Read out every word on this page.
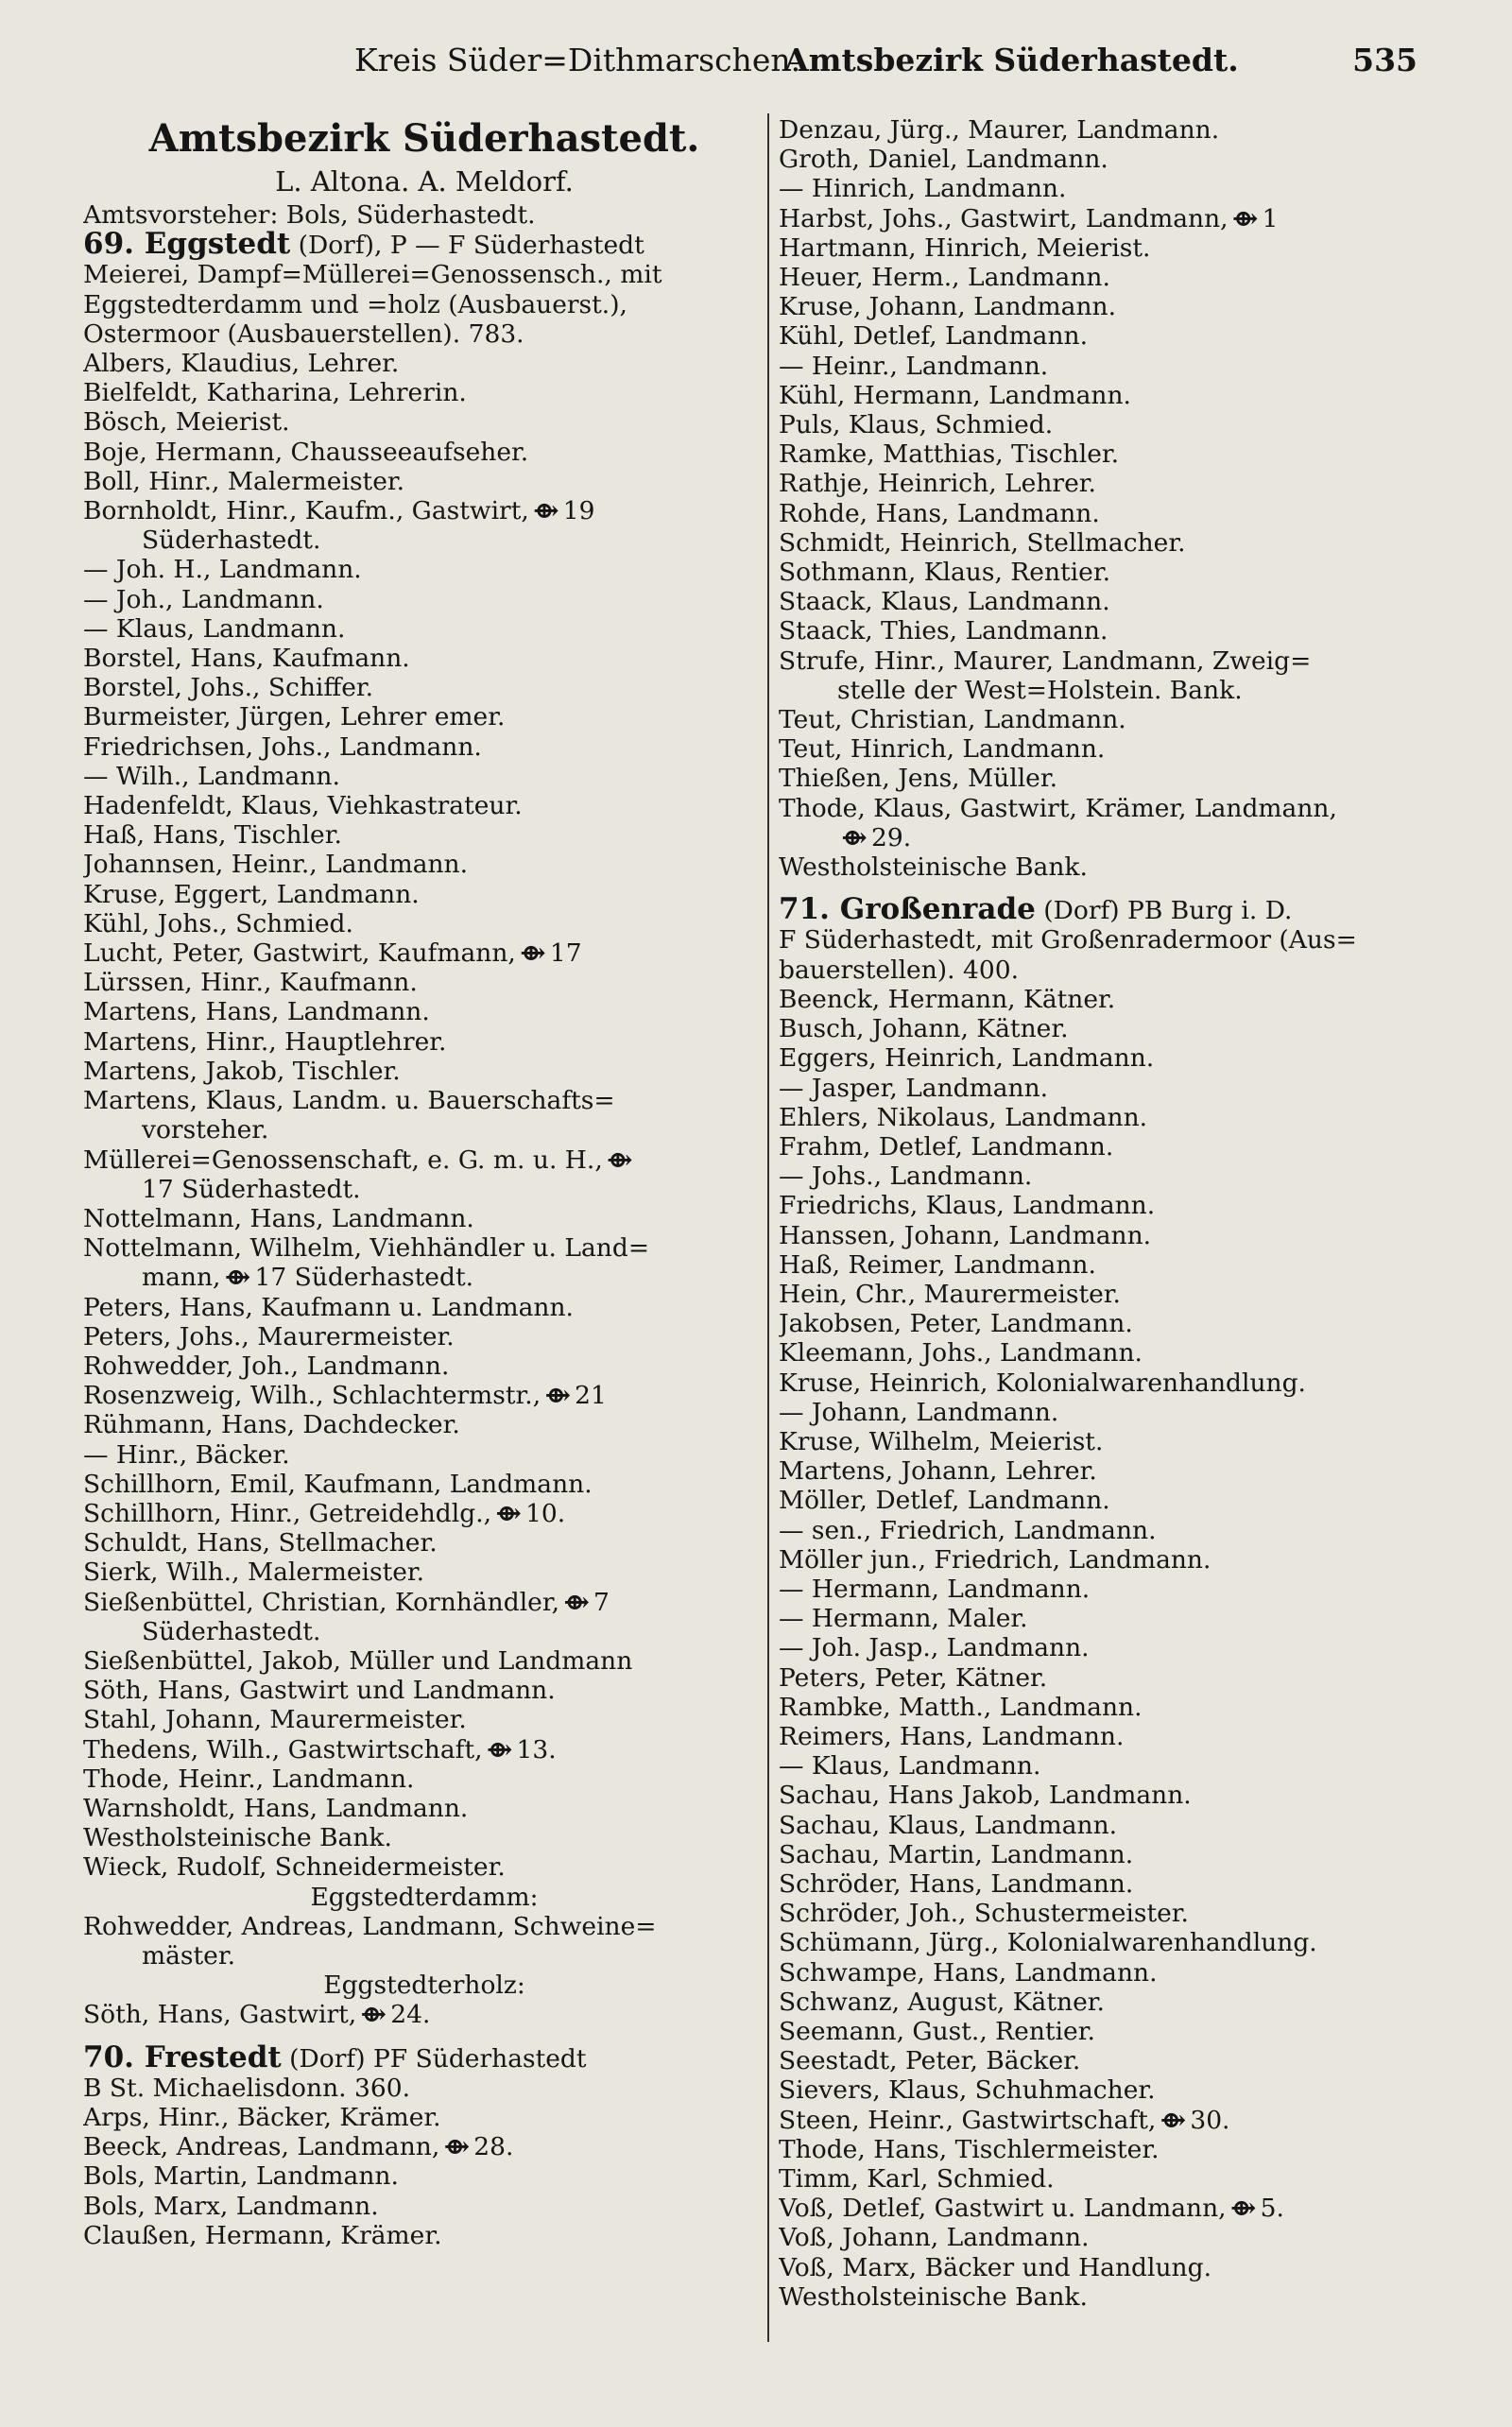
Kreis Süder=Dithmarschen.
Amtsbezirk Süderhastedt.	535
Amtsbezirk Süderhastedt.
L. Altona. A. Meldorf.
Amtsvorsteher: Bols, Süderhastedt.
69. Eggstedt (Dorf), P — F Süderhastedt
Meierei, Dampf=Müllerei=Genossensch., mit
Eggstedterdamm und =holz (Ausbauerst.),
Ostermoor (Ausbauerstellen). 783.
Albers, Klaudius, Lehrer.
Bielfeldt, Katharina, Lehrerin.
Bösch, Meierist.
Boje, Hermann, Chausseeaufseher.
Boll, Hinr., Malermeister.
Bornholdt, Hinr., Kaufm., Gastwirt,⟴19
Süderhastedt.
— Joh. H., Landmann.
— Joh., Landmann.
— Klaus, Landmann.
Borstel, Hans, Kaufmann.
Borstel, Johs., Schiffer.
Burmeister, Jürgen, Lehrer emer.
Friedrichsen, Johs., Landmann.
— Wilh., Landmann.
Hadenfeldt, Klaus, Viehkastrateur.
Haß, Hans, Tischler.
Johannsen, Heinr., Landmann.
Kruse, Eggert, Landmann.
Kühl, Johs., Schmied.
Lucht, Peter, Gastwirt, Kaufmann,⟴17
Lürssen, Hinr., Kaufmann.
Martens, Hans, Landmann.
Martens, Hinr., Hauptlehrer.
Martens, Jakob, Tischler.
Martens, Klaus, Landm. u. Bauerschafts=
vorsteher.
Müllerei=Genossenschaft, e. G. m. u. H.,⟴
17 Süderhastedt.
Nottelmann, Hans, Landmann.
Nottelmann, Wilhelm, Viehhändler u. Land=
mann,⟴17 Süderhastedt.
Peters, Hans, Kaufmann u. Landmann.
Peters, Johs., Maurermeister.
Rohwedder, Joh., Landmann.
Rosenzweig, Wilh., Schlachtermstr.,⟴21
Rühmann, Hans, Dachdecker.
— Hinr., Bäcker.
Schillhorn, Emil, Kaufmann, Landmann.
Schillhorn, Hinr., Getreidehdlg.,⟴10.
Schuldt, Hans, Stellmacher.
Sierk, Wilh., Malermeister.
Sießenbüttel, Christian, Kornhändler,⟴7
Süderhastedt.
Sießenbüttel, Jakob, Müller und Landmann
Söth, Hans, Gastwirt und Landmann.
Stahl, Johann, Maurermeister.
Thedens, Wilh., Gastwirtschaft,⟴13.
Thode, Heinr., Landmann.
Warnsholdt, Hans, Landmann.
Westholsteinische Bank.
Wieck, Rudolf, Schneidermeister.
Eggstedterdamm:
Rohwedder, Andreas, Landmann, Schweine=
mäster.
Eggstedterholz:
Söth, Hans, Gastwirt,⟴24.
70. Frestedt (Dorf) PF Süderhastedt
B St. Michaelisdonn. 360.
Arps, Hinr., Bäcker, Krämer.
Beeck, Andreas, Landmann,⟴28.
Bols, Martin, Landmann.
Bols, Marx, Landmann.
Claußen, Hermann, Krämer.
Denzau, Jürg., Maurer, Landmann.
Groth, Daniel, Landmann.
— Hinrich, Landmann.
Harbst, Johs., Gastwirt, Landmann,⟴1
Hartmann, Hinrich, Meierist.
Heuer, Herm., Landmann.
Kruse, Johann, Landmann.
Kühl, Detlef, Landmann.
— Heinr., Landmann.
Kühl, Hermann, Landmann.
Puls, Klaus, Schmied.
Ramke, Matthias, Tischler.
Rathje, Heinrich, Lehrer.
Rohde, Hans, Landmann.
Schmidt, Heinrich, Stellmacher.
Sothmann, Klaus, Rentier.
Staack, Klaus, Landmann.
Staack, Thies, Landmann.
Strufe, Hinr., Maurer, Landmann, Zweig=
stelle der West=Holstein. Bank.
Teut, Christian, Landmann.
Teut, Hinrich, Landmann.
Thießen, Jens, Müller.
Thode, Klaus, Gastwirt, Krämer, Landmann,
⟴29.
Westholsteinische Bank.
71. Großenrade (Dorf) PB Burg i. D.
F Süderhastedt, mit Großenradermoor (Aus=
bauerstellen). 400.
Beenck, Hermann, Kätner.
Busch, Johann, Kätner.
Eggers, Heinrich, Landmann.
— Jasper, Landmann.
Ehlers, Nikolaus, Landmann.
Frahm, Detlef, Landmann.
— Johs., Landmann.
Friedrichs, Klaus, Landmann.
Hanssen, Johann, Landmann.
Haß, Reimer, Landmann.
Hein, Chr., Maurermeister.
Jakobsen, Peter, Landmann.
Kleemann, Johs., Landmann.
Kruse, Heinrich, Kolonialwarenhandlung.
— Johann, Landmann.
Kruse, Wilhelm, Meierist.
Martens, Johann, Lehrer.
Möller, Detlef, Landmann.
— sen., Friedrich, Landmann.
Möller jun., Friedrich, Landmann.
— Hermann, Landmann.
— Hermann, Maler.
— Joh. Jasp., Landmann.
Peters, Peter, Kätner.
Rambke, Matth., Landmann.
Reimers, Hans, Landmann.
— Klaus, Landmann.
Sachau, Hans Jakob, Landmann.
Sachau, Klaus, Landmann.
Sachau, Martin, Landmann.
Schröder, Hans, Landmann.
Schröder, Joh., Schustermeister.
Schümann, Jürg., Kolonialwarenhandlung.
Schwampe, Hans, Landmann.
Schwanz, August, Kätner.
Seemann, Gust., Rentier.
Seestadt, Peter, Bäcker.
Sievers, Klaus, Schuhmacher.
Steen, Heinr., Gastwirtschaft,⟴30.
Thode, Hans, Tischlermeister.
Timm, Karl, Schmied.
Voß, Detlef, Gastwirt u. Landmann,⟴5.
Voß, Johann, Landmann.
Voß, Marx, Bäcker und Handlung.
Westholsteinische Bank.
